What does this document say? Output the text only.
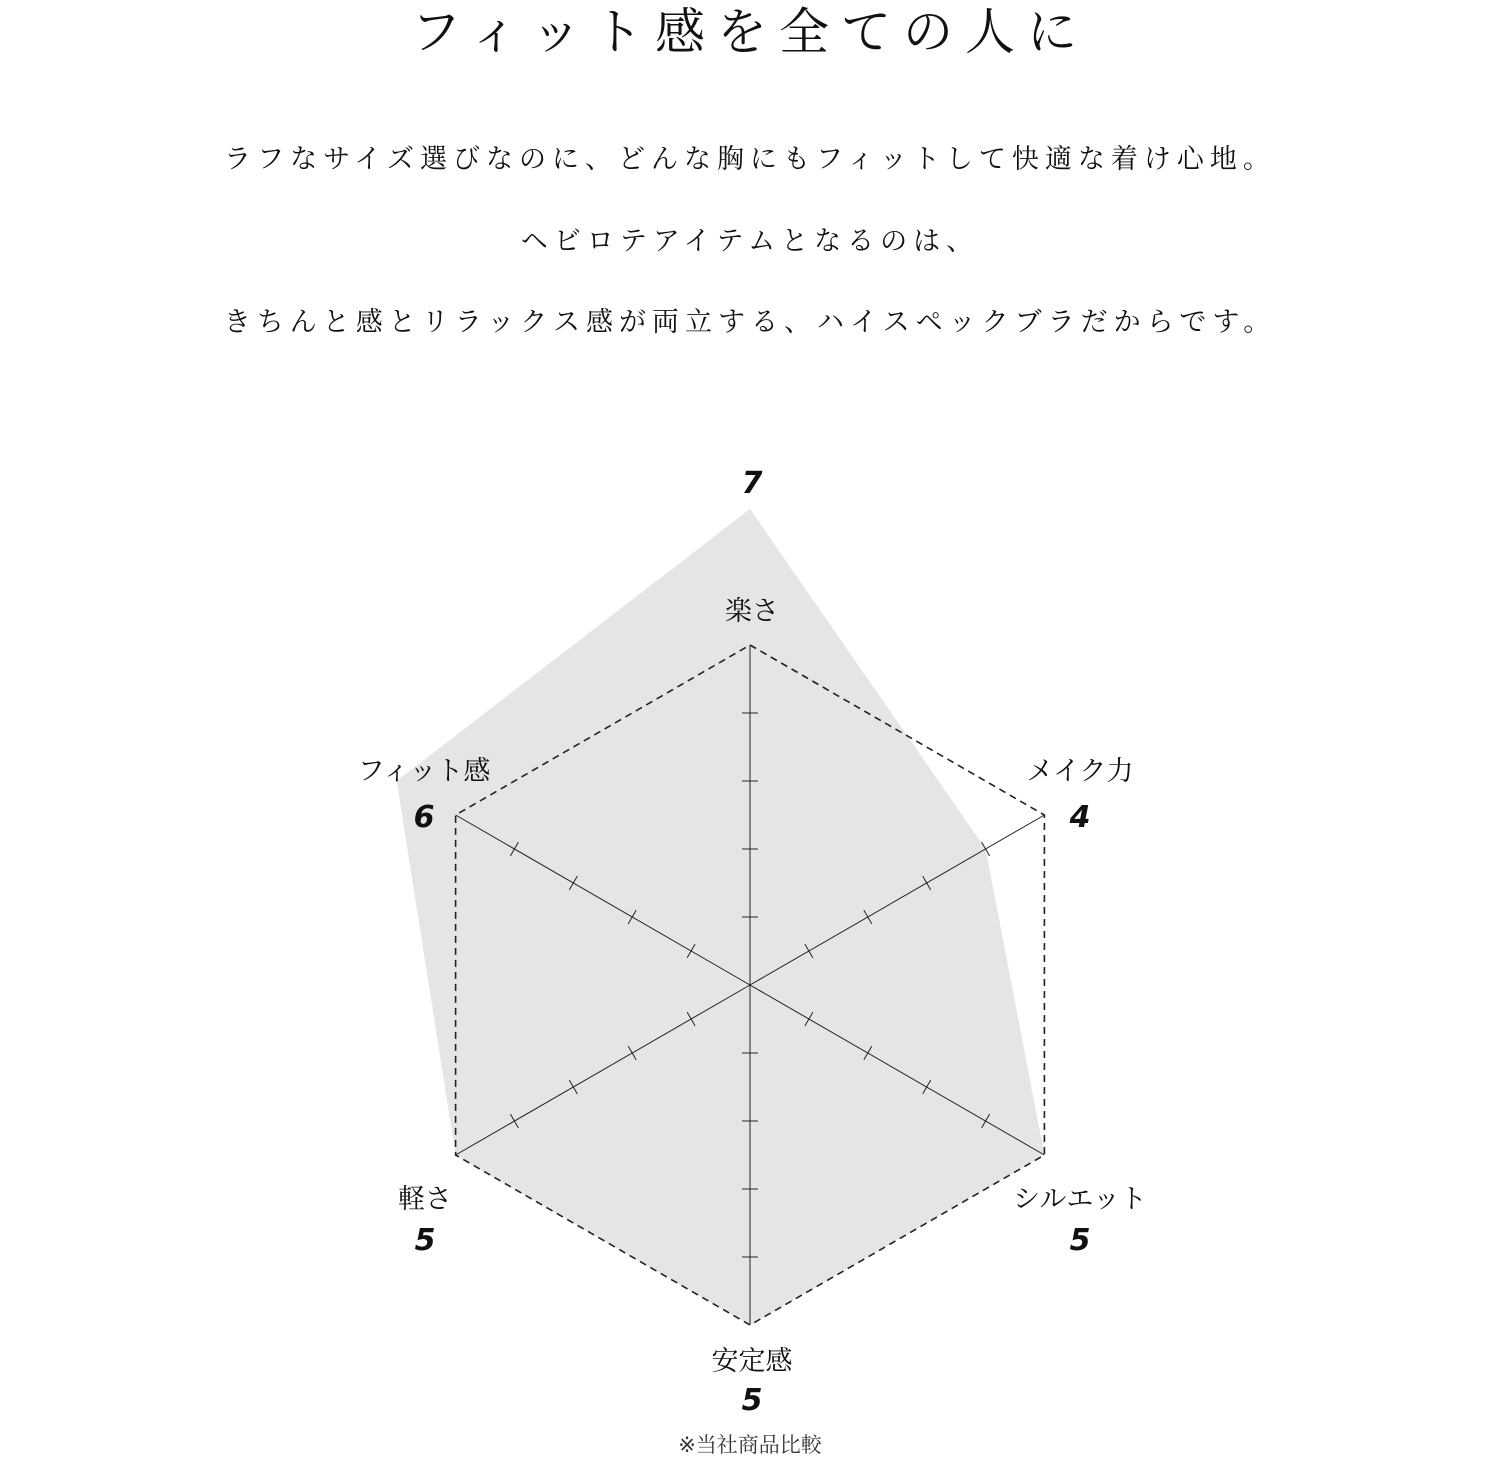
フィット感を全ての人に

ラフなサイズ選びなのに、どんな胸にもフィットして快適な着け心地。

ヘビロテアイテムとなるのは、

きちんと感とリラックス感が両立する、ハイスペックブラだからです。

楽さ
7
メイク力
4
シルエット
5
安定感
5
軽さ
5
フィット感
6
※当社商品比較
